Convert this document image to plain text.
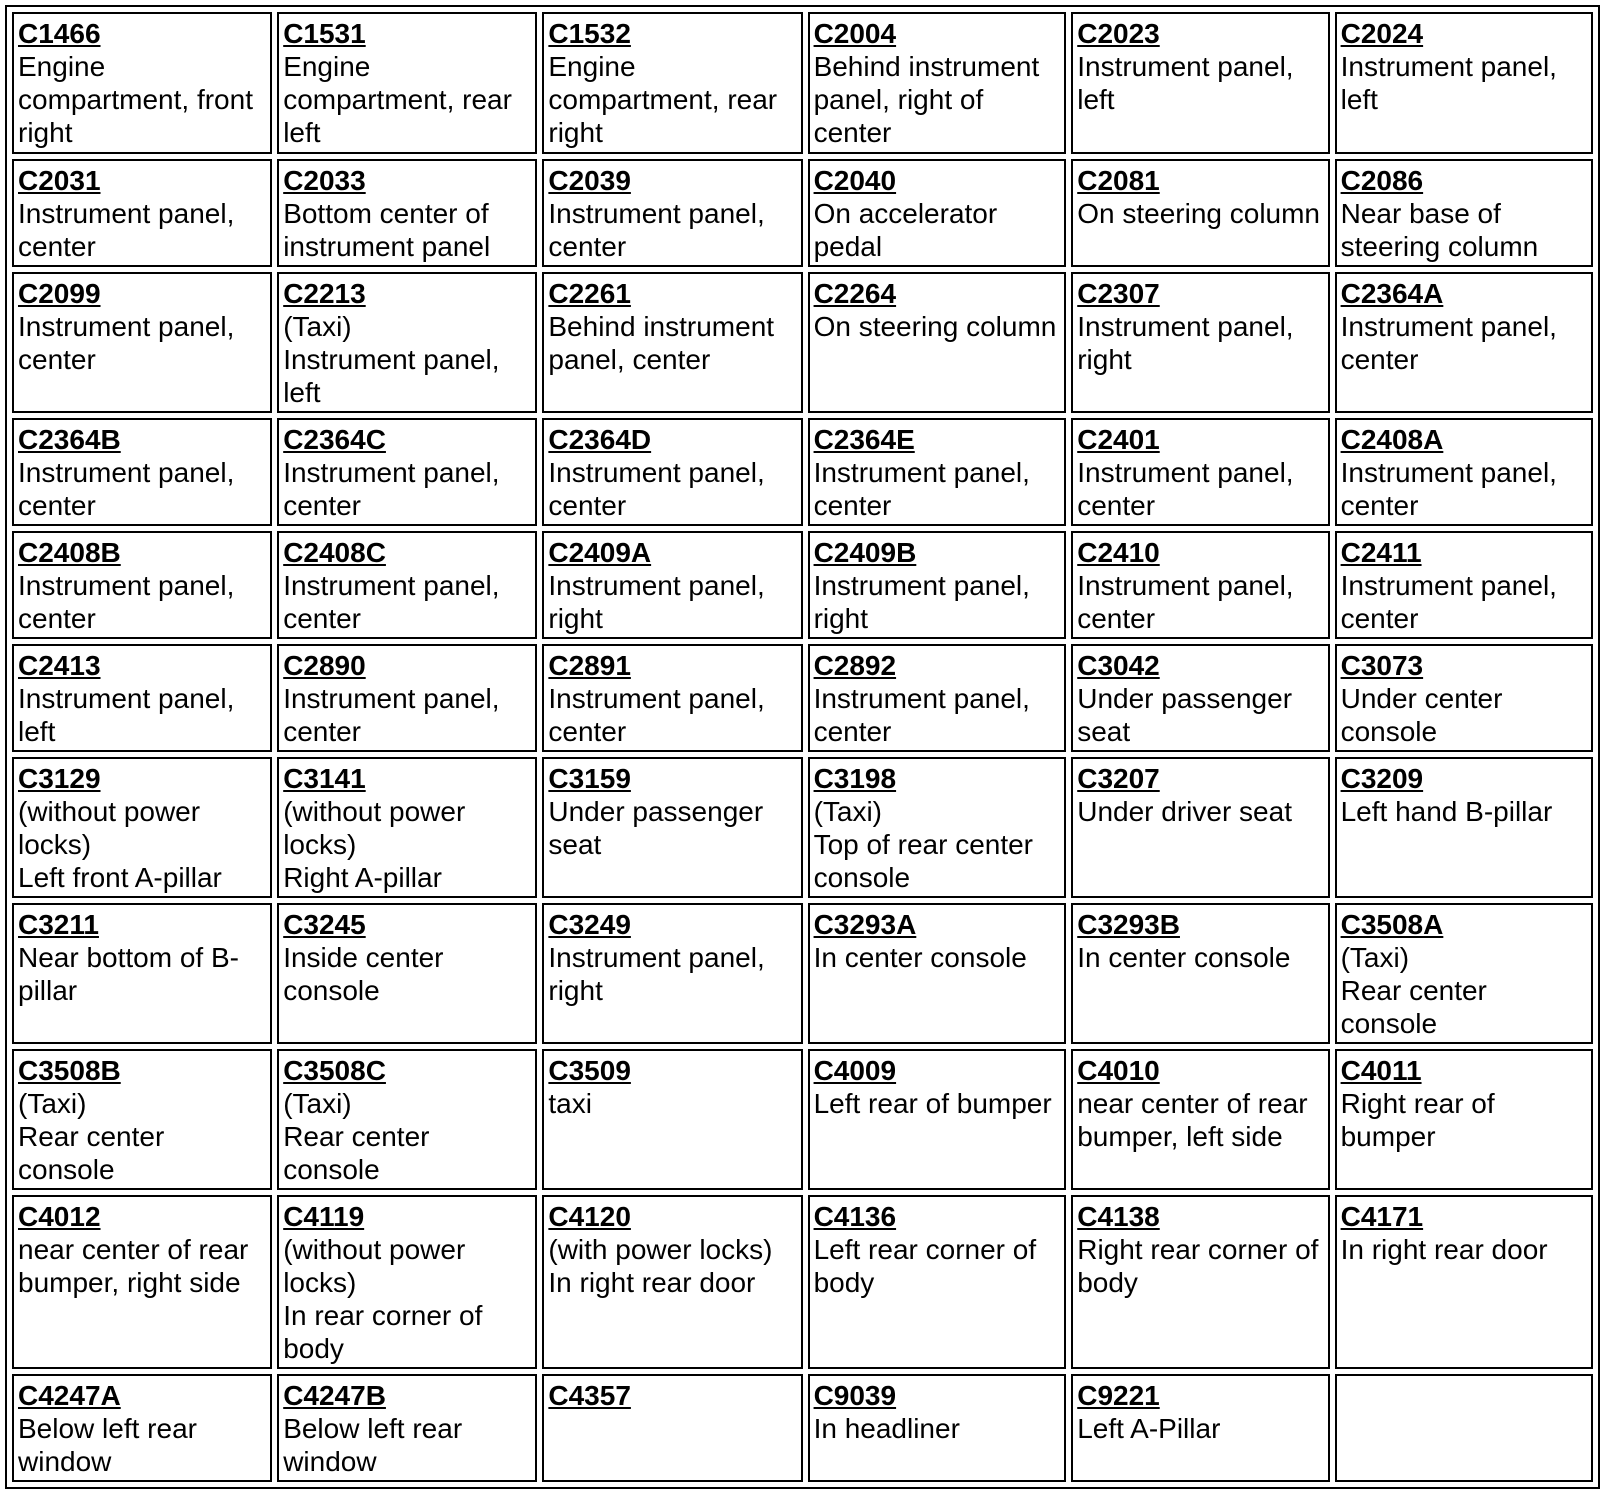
C1466
Engine
compartment, front
right	C1531
Engine
compartment, rear
left	C1532
Engine
compartment, rear
right	C2004
Behind instrument
panel, right of
center	C2023
Instrument panel,
left	C2024
Instrument panel,
left

C2031
Instrument panel,
center	C2033
Bottom center of
instrument panel	C2039
Instrument panel,
center	C2040
On accelerator
pedal	C2081
On steering column	C2086
Near base of
steering column

C2099
Instrument panel,
center	C2213
(Taxi)
Instrument panel,
left	C2261
Behind instrument
panel, center	C2264
On steering column	C2307
Instrument panel,
right	C2364A
Instrument panel,
center

C2364B
Instrument panel,
center	C2364C
Instrument panel,
center	C2364D
Instrument panel,
center	C2364E
Instrument panel,
center	C2401
Instrument panel,
center	C2408A
Instrument panel,
center

C2408B
Instrument panel,
center	C2408C
Instrument panel,
center	C2409A
Instrument panel,
right	C2409B
Instrument panel,
right	C2410
Instrument panel,
center	C2411
Instrument panel,
center

C2413
Instrument panel,
left	C2890
Instrument panel,
center	C2891
Instrument panel,
center	C2892
Instrument panel,
center	C3042
Under passenger
seat	C3073
Under center
console

C3129
(without power
locks)
Left front A-pillar	C3141
(without power
locks)
Right A-pillar	C3159
Under passenger
seat	C3198
(Taxi)
Top of rear center
console	C3207
Under driver seat	C3209
Left hand B-pillar

C3211
Near bottom of B-
pillar	C3245
Inside center
console	C3249
Instrument panel,
right	C3293A
In center console	C3293B
In center console	C3508A
(Taxi)
Rear center
console

C3508B
(Taxi)
Rear center
console	C3508C
(Taxi)
Rear center
console	C3509
taxi	C4009
Left rear of bumper	C4010
near center of rear
bumper, left side	C4011
Right rear of
bumper

C4012
near center of rear
bumper, right side	C4119
(without power
locks)
In rear corner of
body	C4120
(with power locks)
In right rear door	C4136
Left rear corner of
body	C4138
Right rear corner of
body	C4171
In right rear door

C4247A
Below left rear
window	C4247B
Below left rear
window	C4357	C9039
In headliner	C9221
Left A-Pillar	
